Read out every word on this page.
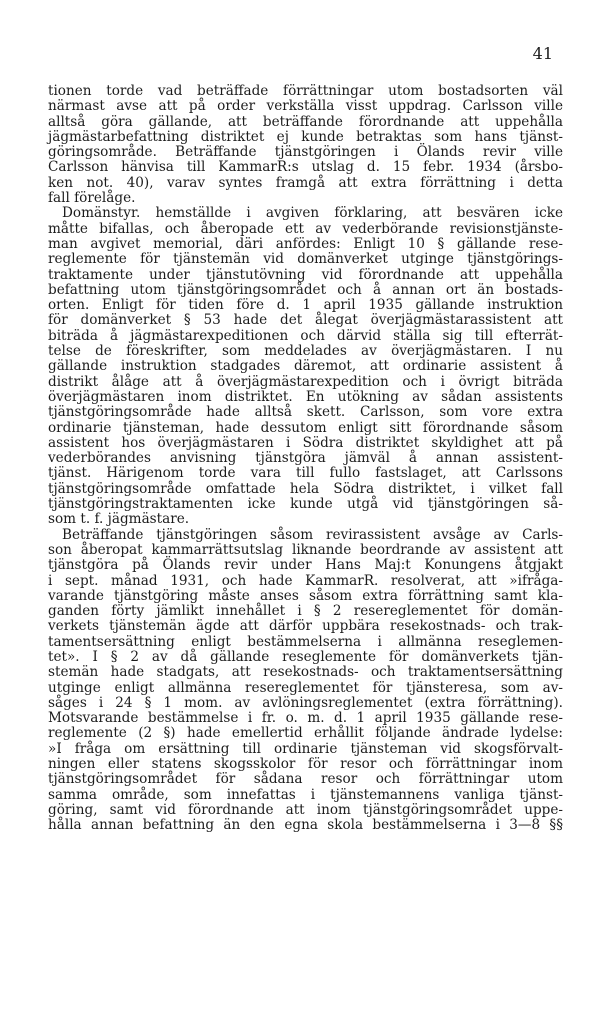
41
tionen torde vad beträffade förrättningar utom bostadsorten väl
närmast avse att på order verkställa visst uppdrag. Carlsson ville
alltså göra gällande, att beträffande förordnande att uppehålla
jägmästarbefattning distriktet ej kunde betraktas som hans tjänst-
göringsområde. Beträffande tjänstgöringen i Ölands revir ville
Carlsson hänvisa till KammarR:s utslag d. 15 febr. 1934 (årsbo-
ken not. 40), varav syntes framgå att extra förrättning i detta
fall förelåge.
Domänstyr. hemställde i avgiven förklaring, att besvären icke
måtte bifallas, och åberopade ett av vederbörande revisionstjänste-
man avgivet memorial, däri anfördes: Enligt 10 § gällande rese-
reglemente för tjänstemän vid domänverket utginge tjänstgörings-
traktamente under tjänstutövning vid förordnande att uppehålla
befattning utom tjänstgöringsområdet och å annan ort än bostads-
orten. Enligt för tiden före d. 1 april 1935 gällande instruktion
för domänverket § 53 hade det ålegat överjägmästarassistent att
biträda å jägmästarexpeditionen och därvid ställa sig till efterrät-
telse de föreskrifter, som meddelades av överjägmästaren. I nu
gällande instruktion stadgades däremot, att ordinarie assistent å
distrikt ålåge att å överjägmästarexpedition och i övrigt biträda
överjägmästaren inom distriktet. En utökning av sådan assistents
tjänstgöringsområde hade alltså skett. Carlsson, som vore extra
ordinarie tjänsteman, hade dessutom enligt sitt förordnande såsom
assistent hos överjägmästaren i Södra distriktet skyldighet att på
vederbörandes anvisning tjänstgöra jämväl å annan assistent-
tjänst. Härigenom torde vara till fullo fastslaget, att Carlssons
tjänstgöringsområde omfattade hela Södra distriktet, i vilket fall
tjänstgöringstraktamenten icke kunde utgå vid tjänstgöringen så-
som t. f. jägmästare.
Beträffande tjänstgöringen såsom revirassistent avsåge av Carls-
son åberopat kammarrättsutslag liknande beordrande av assistent att
tjänstgöra på Ölands revir under Hans Maj:t Konungens åtgjakt
i sept. månad 1931, och hade KammarR. resolverat, att »ifråga-
varande tjänstgöring måste anses såsom extra förrättning samt kla-
ganden förty jämlikt innehållet i § 2 resereglementet för domän-
verkets tjänstemän ägde att därför uppbära resekostnads- och trak-
tamentsersättning enligt bestämmelserna i allmänna reseglemen-
tet». I § 2 av då gällande reseglemente för domänverkets tjän-
stemän hade stadgats, att resekostnads- och traktamentsersättning
utginge enligt allmänna resereglementet för tjänsteresa, som av-
såges i 24 § 1 mom. av avlöningsreglementet (extra förrättning).
Motsvarande bestämmelse i fr. o. m. d. 1 april 1935 gällande rese-
reglemente (2 §) hade emellertid erhållit följande ändrade lydelse:
»I fråga om ersättning till ordinarie tjänsteman vid skogsförvalt-
ningen eller statens skogsskolor för resor och förrättningar inom
tjänstgöringsområdet för sådana resor och förrättningar utom
samma område, som innefattas i tjänstemannens vanliga tjänst-
göring, samt vid förordnande att inom tjänstgöringsområdet uppe-
hålla annan befattning än den egna skola bestämmelserna i 3—8 §§
